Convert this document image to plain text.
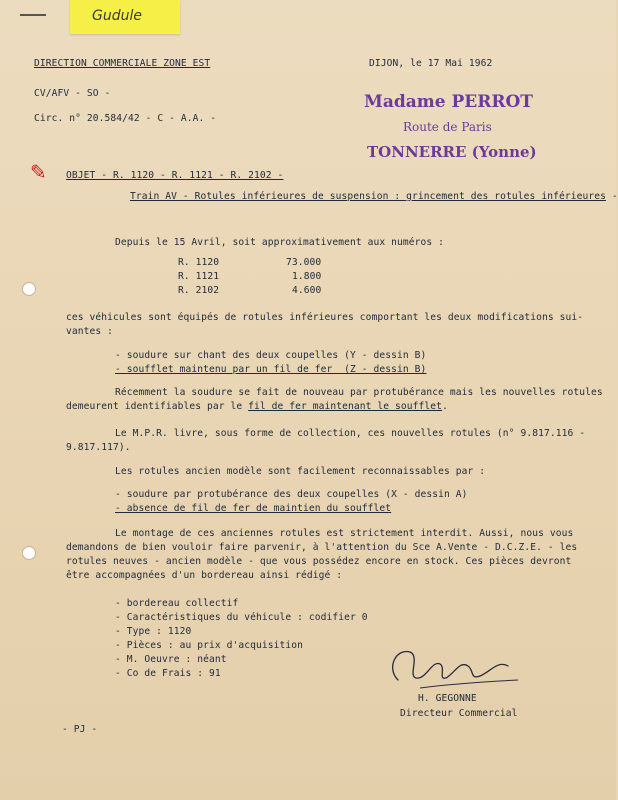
Gudule
DIRECTION COMMERCIALE ZONE EST	DIJON, le 17 Mai 1962
CV/AFV - SO -
Circ. n° 20.584/42 - C - A.A. -
Madame PERROT
Route de Paris
TONNERRE (Yonne)
✎ OBJET - R. 1120 - R. 1121 - R. 2102 -
Train AV - Rotules inférieures de suspension : grincement des rotules inférieures -
Depuis le 15 Avril, soit approximativement aux numéros :
R. 1120	73.000
R. 1121	1.800
R. 2102	4.600
ces véhicules sont équipés de rotules inférieures comportant les deux modifications sui-
vantes :
- soudure sur chant des deux coupelles (Y - dessin B)
- soufflet maintenu par un fil de fer  (Z - dessin B)
Récemment la soudure se fait de nouveau par protubérance mais les nouvelles rotules
demeurent identifiables par le fil de fer maintenant le soufflet.
Le M.P.R. livre, sous forme de collection, ces nouvelles rotules (n° 9.817.116 -
9.817.117).
Les rotules ancien modèle sont facilement reconnaissables par :
- soudure par protubérance des deux coupelles (X - dessin A)
- absence de fil de fer de maintien du soufflet
Le montage de ces anciennes rotules est strictement interdit. Aussi, nous vous
demandons de bien vouloir faire parvenir, à l'attention du Sce A.Vente - D.C.Z.E. - les
rotules neuves - ancien modèle - que vous possédez encore en stock. Ces pièces devront
être accompagnées d'un bordereau ainsi rédigé :
- bordereau collectif
- Caractéristiques du véhicule : codifier 0
- Type : 1120
- Pièces : au prix d'acquisition
- M. Oeuvre : néant
- Co de Frais : 91
H. GEGONNE
Directeur Commercial
- PJ -
